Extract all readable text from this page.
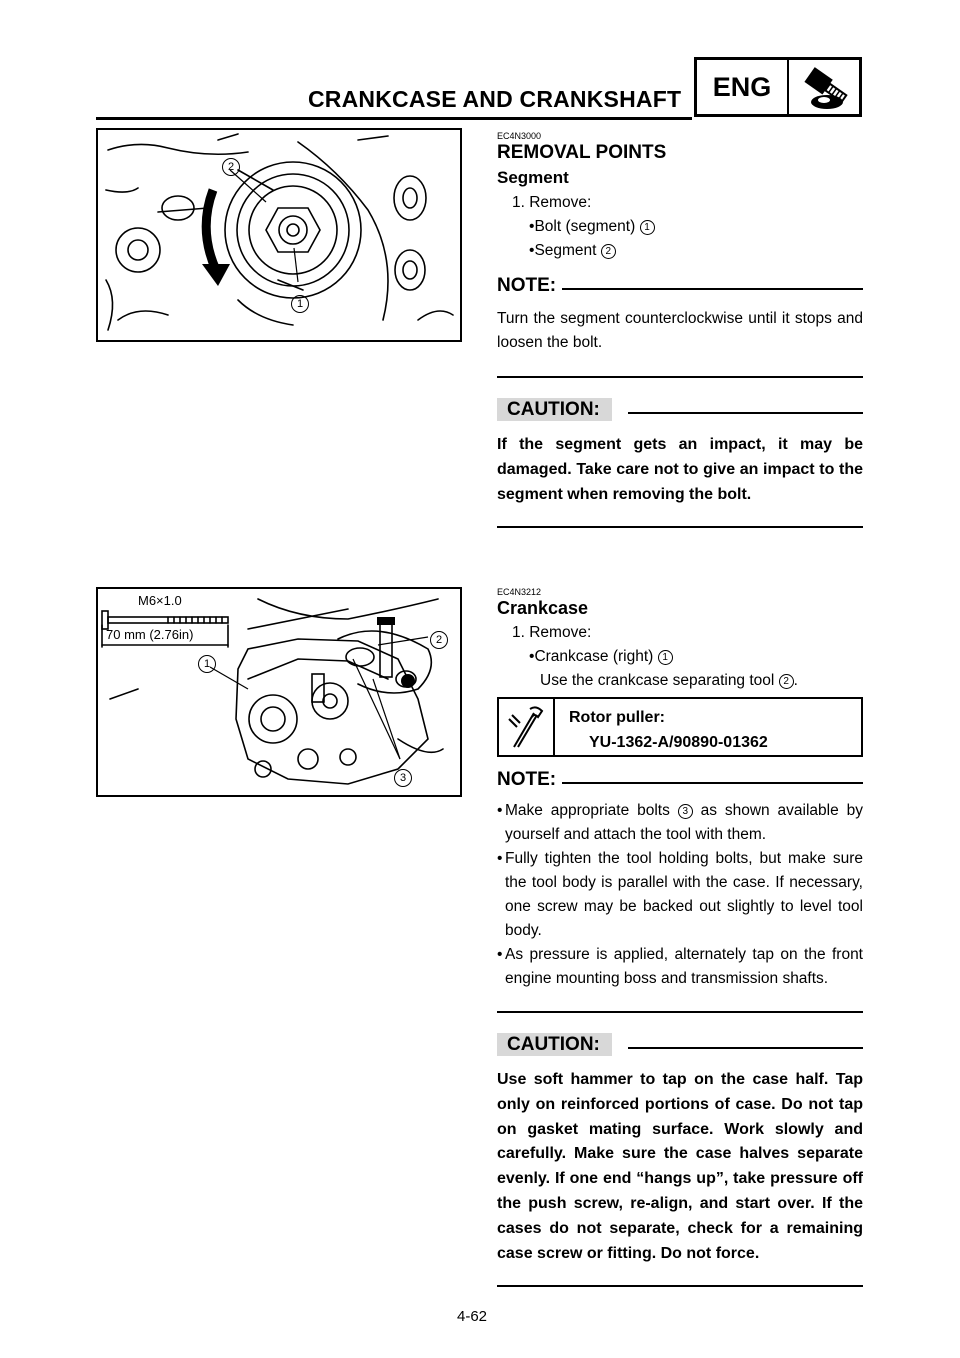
CRANKCASE AND CRANKSHAFT	ENG
2
1
M6×1.0
70 mm (2.76in)
1
2
3
EC4N3000
REMOVAL POINTS
Segment
1. Remove:
•Bolt (segment) 1
•Segment 2
NOTE:
Turn the segment counterclockwise until it stops and loosen the bolt.
CAUTION:
If the segment gets an impact, it may be damaged. Take care not to give an impact to the segment when removing the bolt.
EC4N3212
Crankcase
1. Remove:
•Crankcase (right) 1
Use the crankcase separating tool 2 .
Rotor puller:
YU-1362-A/90890-01362
NOTE:
• Make appropriate bolts 3 as shown available by yourself and attach the tool with them.
• Fully tighten the tool holding bolts, but make sure the tool body is parallel with the case. If necessary, one screw may be backed out slightly to level tool body.
• As pressure is applied, alternately tap on the front engine mounting boss and transmission shafts.
CAUTION:
Use soft hammer to tap on the case half. Tap only on reinforced portions of case. Do not tap on gasket mating surface. Work slowly and carefully. Make sure the case halves separate evenly. If one end “hangs up”, take pressure off the push screw, re-align, and start over. If the cases do not separate, check for a remaining case screw or fitting. Do not force.
4-62
